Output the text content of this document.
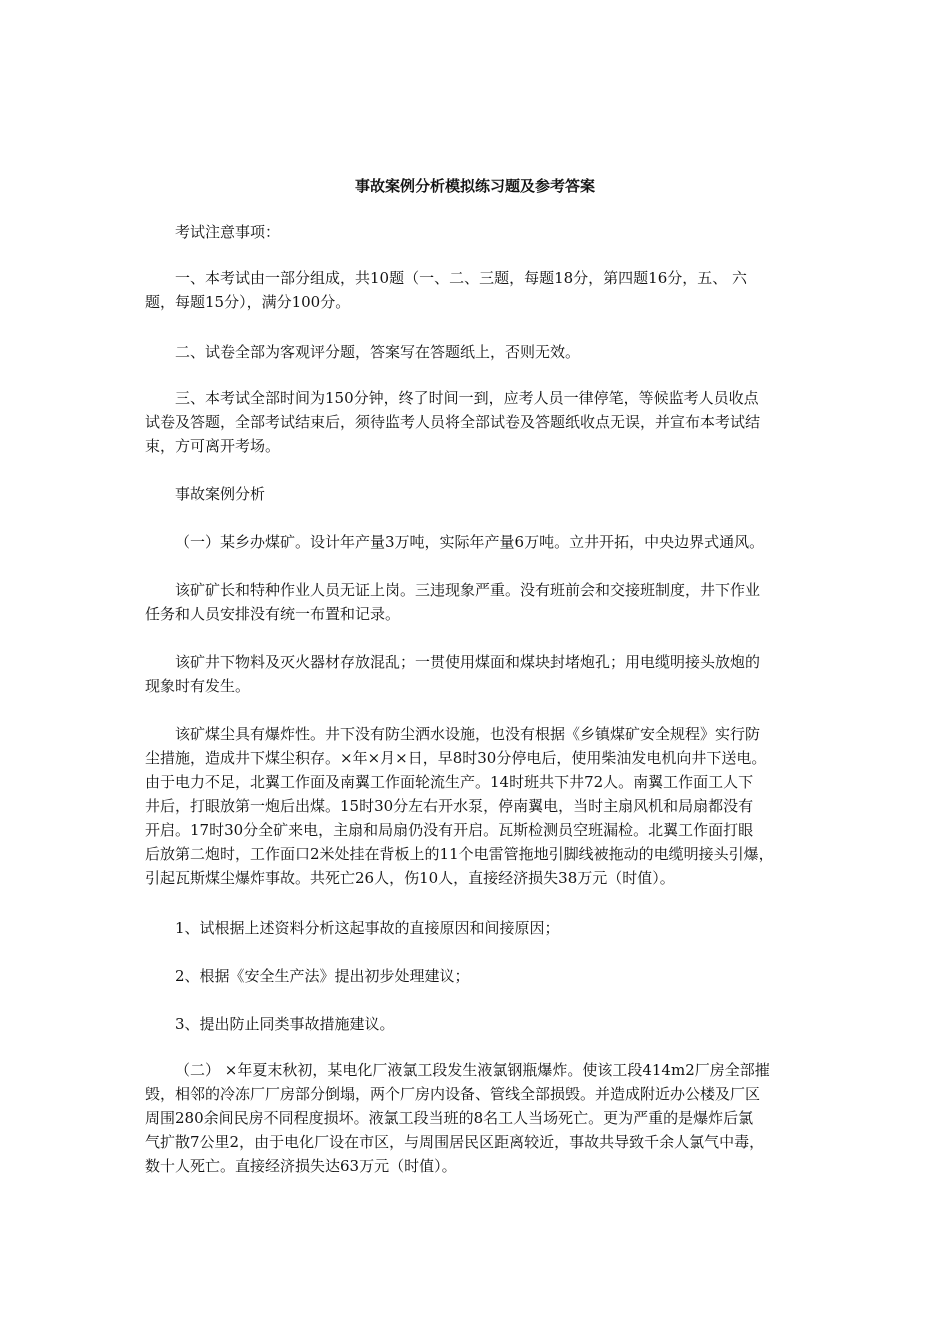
事故案例分析模拟练习题及参考答案
考试注意事项：
一、本考试由一部分组成，共10题（一、二、三题，每题18分，第四题16分，五、 六
题，每题15分），满分100分。
二、试卷全部为客观评分题，答案写在答题纸上，否则无效。
三、本考试全部时间为150分钟，终了时间一到，应考人员一律停笔，等候监考人员收点
试卷及答题，全部考试结束后，须待监考人员将全部试卷及答题纸收点无误，并宣布本考试结
束，方可离开考场。
事故案例分析
（一）某乡办煤矿。设计年产量3万吨，实际年产量6万吨。立井开拓，中央边界式通风。
该矿矿长和特种作业人员无证上岗。三违现象严重。没有班前会和交接班制度，井下作业
任务和人员安排没有统一布置和记录。
该矿井下物料及灭火器材存放混乱；一贯使用煤面和煤块封堵炮孔；用电缆明接头放炮的
现象时有发生。
该矿煤尘具有爆炸性。井下没有防尘洒水设施，也没有根据《乡镇煤矿安全规程》实行防
尘措施，造成井下煤尘积存。×年×月×日，早8时30分停电后，使用柴油发电机向井下送电。
由于电力不足，北翼工作面及南翼工作面轮流生产。14时班共下井72人。南翼工作面工人下
井后，打眼放第一炮后出煤。15时30分左右开水泵，停南翼电，当时主扇风机和局扇都没有
开启。17时30分全矿来电，主扇和局扇仍没有开启。瓦斯检测员空班漏检。北翼工作面打眼
后放第二炮时，工作面口2米处挂在背板上的11个电雷管拖地引脚线被拖动的电缆明接头引爆，
引起瓦斯煤尘爆炸事故。共死亡26人，伤10人，直接经济损失38万元（时值）。
1、试根据上述资料分析这起事故的直接原因和间接原因；
2、根据《安全生产法》提出初步处理建议；
3、提出防止同类事故措施建议。
（二） ×年夏末秋初，某电化厂液氯工段发生液氯钢瓶爆炸。使该工段414m2厂房全部摧
毁，相邻的冷冻厂厂房部分倒塌，两个厂房内设备、管线全部损毁。并造成附近办公楼及厂区
周围280余间民房不同程度损坏。液氯工段当班的8名工人当场死亡。更为严重的是爆炸后氯
气扩散7公里2，由于电化厂设在市区，与周围居民区距离较近，事故共导致千余人氯气中毒，
数十人死亡。直接经济损失达63万元（时值）。
